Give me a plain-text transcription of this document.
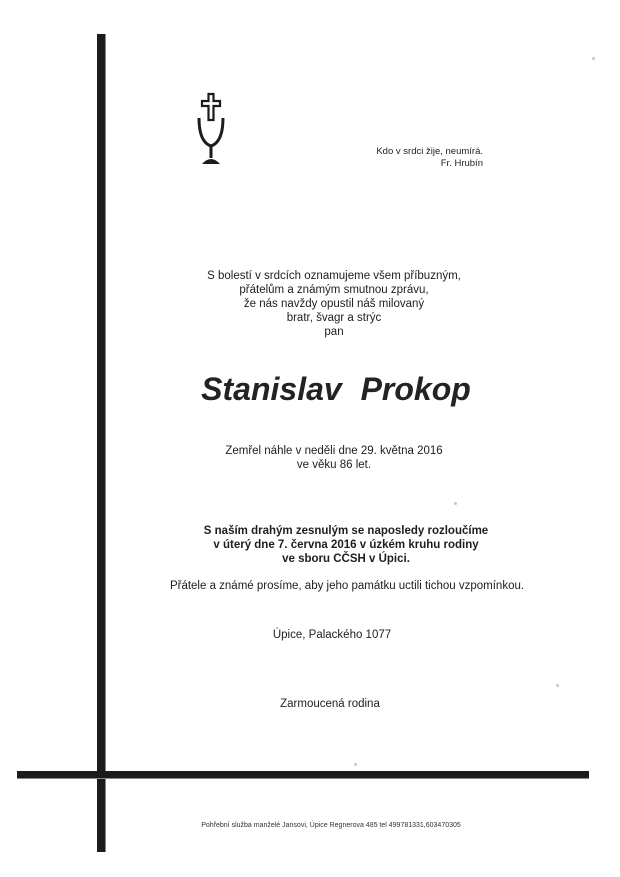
Kdo v srdci žije, neumírá.
Fr. Hrubín
S bolestí v srdcích oznamujeme všem příbuzným,
přátelům a známým smutnou zprávu,
že nás navždy opustil náš milovaný
bratr, švagr a strýc
pan
Stanislav Prokop
Zemřel náhle v neděli dne 29. května 2016
ve věku 86 let.
S naším drahým zesnulým se naposledy rozloučíme
v úterý dne 7. června 2016 v úzkém kruhu rodiny
ve sboru CČSH v Úpici.
Přátele a známé prosíme, aby jeho památku uctili tichou vzpomínkou.
Úpice, Palackého 1077
Zarmoucená rodina
Pohřební služba manželé Jansovi, Úpice Regnerova 485 tel 499781331,603470305
